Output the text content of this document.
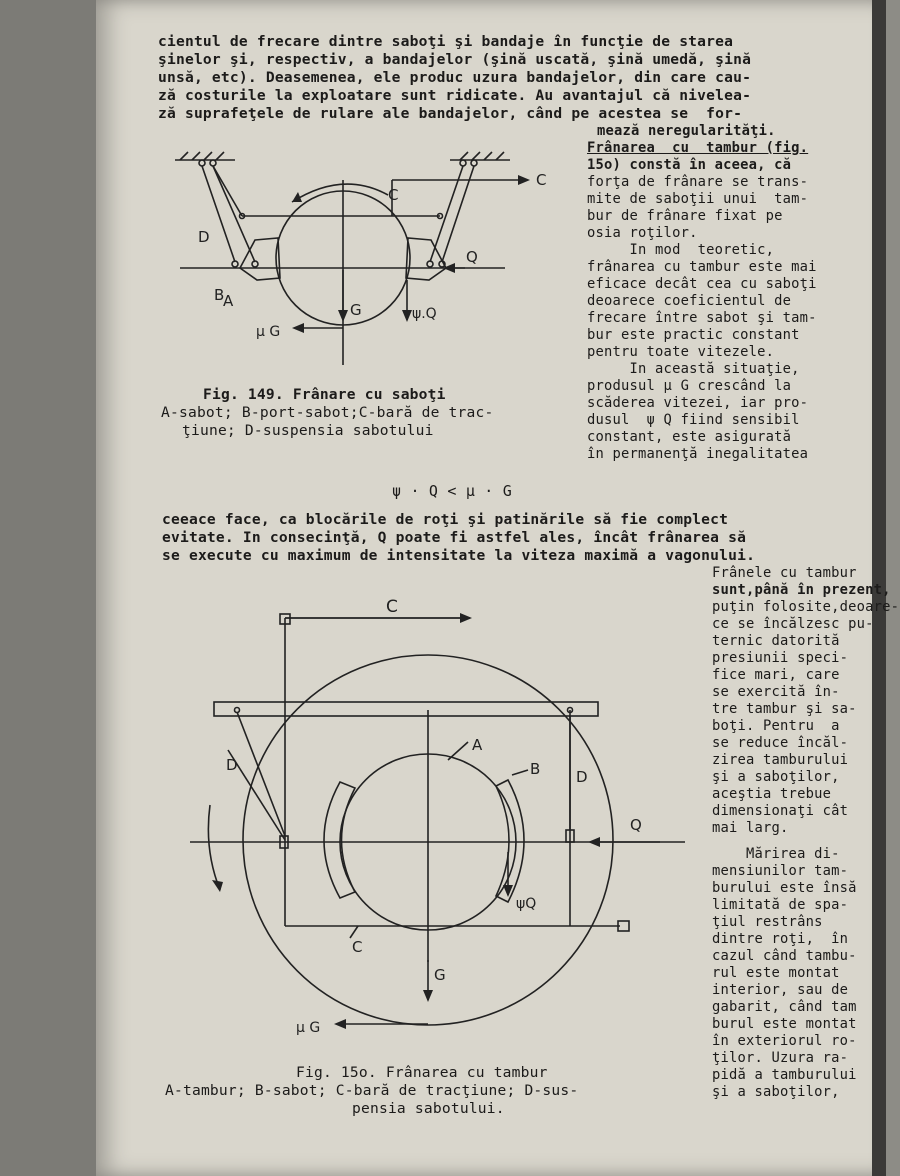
cientul de frecare dintre saboţi şi bandaje în funcţie de starea
şinelor şi, respectiv, a bandajelor (şină uscată, şină umedă, şină
unsă, etc). Deasemenea, ele produc uzura bandajelor, din care cau-
ză costurile la exploatare sunt ridicate. Au avantajul că nivelea-
ză suprafeţele de rulare ale bandajelor, când pe acestea se  for-
mează neregularităţi.
Frânarea  cu  tambur (fig.
15o) constă în aceea, că
forţa de frânare se trans-
mite de saboţii unui  tam-
bur de frânare fixat pe
osia roţilor.
In mod  teoretic,
frânarea cu tambur este mai
eficace decât cea cu saboţi
deoarece coeficientul de
frecare între sabot şi tam-
bur este practic constant
pentru toate vitezele.
In această situaţie,
produsul μ G crescând la
scăderea vitezei, iar pro-
dusul  ψ Q fiind sensibil
constant, este asigurată
în permanenţă inegalitatea
C
C
D
B
A	G	ψ.Q
Q
μ G
Fig. 149. Frânare cu saboţi
A-sabot; B-port-sabot;C-bară de trac-
ţiune; D-suspensia sabotului
ψ · Q < μ · G
ceeace face, ca blocările de roţi şi patinările să fie complect
evitate. In consecinţă, Q poate fi astfel ales, încât frânarea să
se execute cu maximum de intensitate la viteza maximă a vagonului.
Frânele cu tambur
sunt,până în prezent,
puţin folosite,deoare-
ce se încălzesc pu-
ternic datorită
presiunii speci-
fice mari, care
se exercită în-
tre tambur şi sa-
boţi. Pentru  a
se reduce încăl-
zirea tamburului
şi a saboţilor,
aceştia trebue
dimensionaţi cât
mai larg.
Mărirea di-
mensiunilor tam-
burului este însă
limitată de spa-
ţiul restrâns
dintre roţi,  în
cazul când tambu-
rul este montat
interior, sau de
gabarit, când tam
burul este montat
în exteriorul ro-
ţilor. Uzura ra-
pidă a tamburului
şi a saboţilor,
C
A
B
D
D
Q
ψQ
C
G
μ G
Fig. 15o. Frânarea cu tambur
A-tambur; B-sabot; C-bară de tracţiune; D-sus-
pensia sabotului.
